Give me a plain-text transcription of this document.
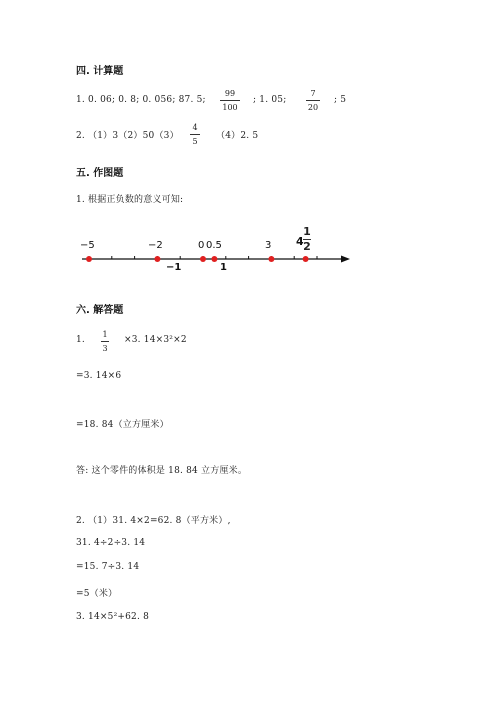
四. 计算题
1. 0. 06; 0. 8; 0. 056; 87. 5;
99
100
; 1. 05;
7
20
; 5
2. （1）3（2）50（3）
4
5
（4）2. 5
五. 作图题
1. 根据正负数的意义可知:
−5	−2	0 0.5	3 4
1
2
−1	1
六. 解答题
1.
1
3
×3. 14×3²×2
=3. 14×6
=18. 84（立方厘米）
答: 这个零件的体积是 18. 84 立方厘米。
2. （1）31. 4×2=62. 8（平方米）,
31. 4÷2÷3. 14
=15. 7÷3. 14
=5（米）
3. 14×5²+62. 8
